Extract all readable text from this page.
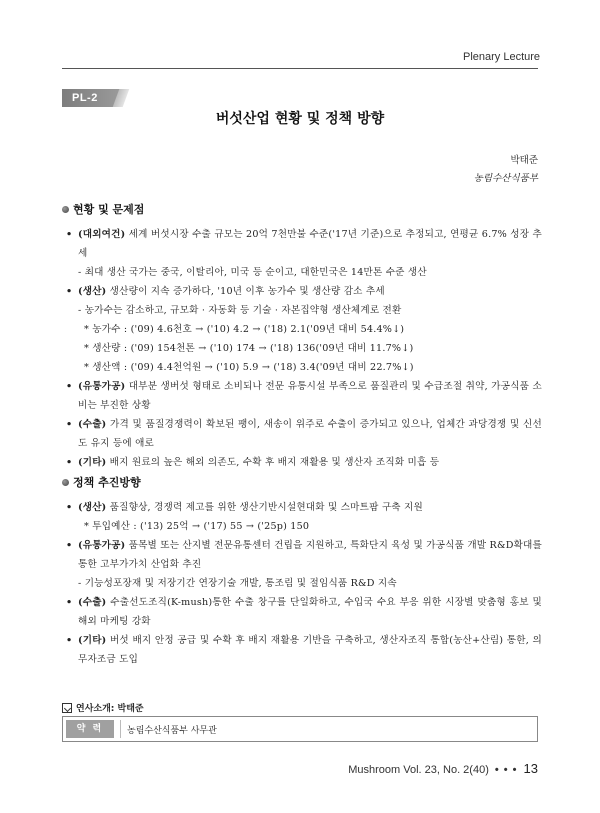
Plenary Lecture
PL-2
버섯산업 현황 및 정책 방향
박태준
농림수산식품부
현황 및 문제점
• (대외여건) 세계 버섯시장 수출 규모는 20억 7천만불 수준('17년 기준)으로 추정되고, 연평균 6.7% 성장 추세
- 최대 생산 국가는 중국, 이탈리아, 미국 등 순이고, 대한민국은 14만톤 수준 생산
• (생산) 생산량이 지속 증가하다, '10년 이후 농가수 및 생산량 감소 추세
- 농가수는 감소하고, 규모화 · 자동화 등 기술 · 자본집약형 생산체계로 전환
* 농가수 : ('09) 4.6천호 → ('10) 4.2 → ('18) 2.1('09년 대비 54.4%↓)
* 생산량 : ('09) 154천톤 → ('10) 174 → ('18) 136('09년 대비 11.7%↓)
* 생산액 : ('09) 4.4천억원 → ('10) 5.9 → ('18) 3.4('09년 대비 22.7%↓)
• (유통가공) 대부분 생버섯 형태로 소비되나 전문 유통시설 부족으로 품질관리 및 수급조절 취약, 가공식품 소비는 부진한 상황
• (수출) 가격 및 품질경쟁력이 확보된 팽이, 새송이 위주로 수출이 증가되고 있으나, 업체간 과당경쟁 및 신선도 유지 등에 애로
• (기타) 배지 원료의 높은 해외 의존도, 수확 후 배지 재활용 및 생산자 조직화 미흡 등
정책 추진방향
• (생산) 품질향상, 경쟁력 제고를 위한 생산기반시설현대화 및 스마트팜 구축 지원
* 투입예산 : ('13) 25억 → ('17) 55 → ('25p) 150
• (유통가공) 품목별 또는 산지별 전문유통센터 건립을 지원하고, 특화단지 육성 및 가공식품 개발 R&D확대를 통한 고부가가치 산업화 추진
- 기능성포장재 및 저장기간 연장기술 개발, 통조림 및 절임식품 R&D 지속
• (수출) 수출선도조직(K-mush)통한 수출 창구를 단일화하고, 수입국 수요 부응 위한 시장별 맞춤형 홍보 및 해외 마케팅 강화
• (기타) 버섯 배지 안정 공급 및 수확 후 배지 재활용 기반을 구축하고, 생산자조직 통합(농산+산림) 통한, 의무자조금 도입
연사소개: 박태준
약 력	농림수산식품부 사무관
Mushroom Vol. 23, No. 2(40) • • • 13
